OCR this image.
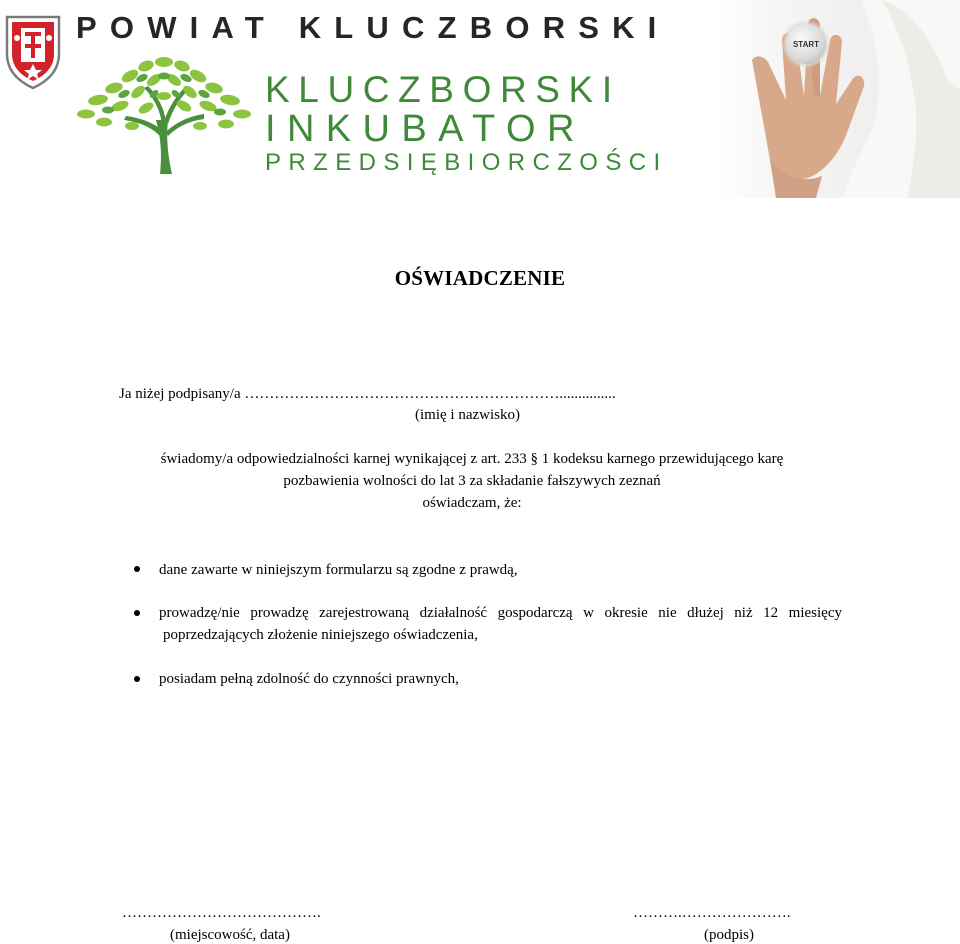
POWIAT KLUCZBORSKI

KLUCZBORSKI
INKUBATOR
PRZEDSIĘBIORCZOŚCI
START
OŚWIADCZENIE
Ja niżej podpisany/a ………………………………………………………...............
(imię i nazwisko)
świadomy/a odpowiedzialności karnej wynikającej z art. 233 § 1 kodeksu karnego przewidującego karę
pozbawienia wolności do lat 3 za składanie fałszywych zeznań
oświadczam, że:
dane zawarte w niniejszym formularzu są zgodne z prawdą,
prowadzę/nie prowadzę zarejestrowaną działalność gospodarczą w okresie nie dłużej niż 12 miesięcy
poprzedzających złożenie niniejszego oświadczenia,
posiadam pełną zdolność do czynności prawnych,
………………………………….
(miejscowość, data)
……….………………….
(podpis)
